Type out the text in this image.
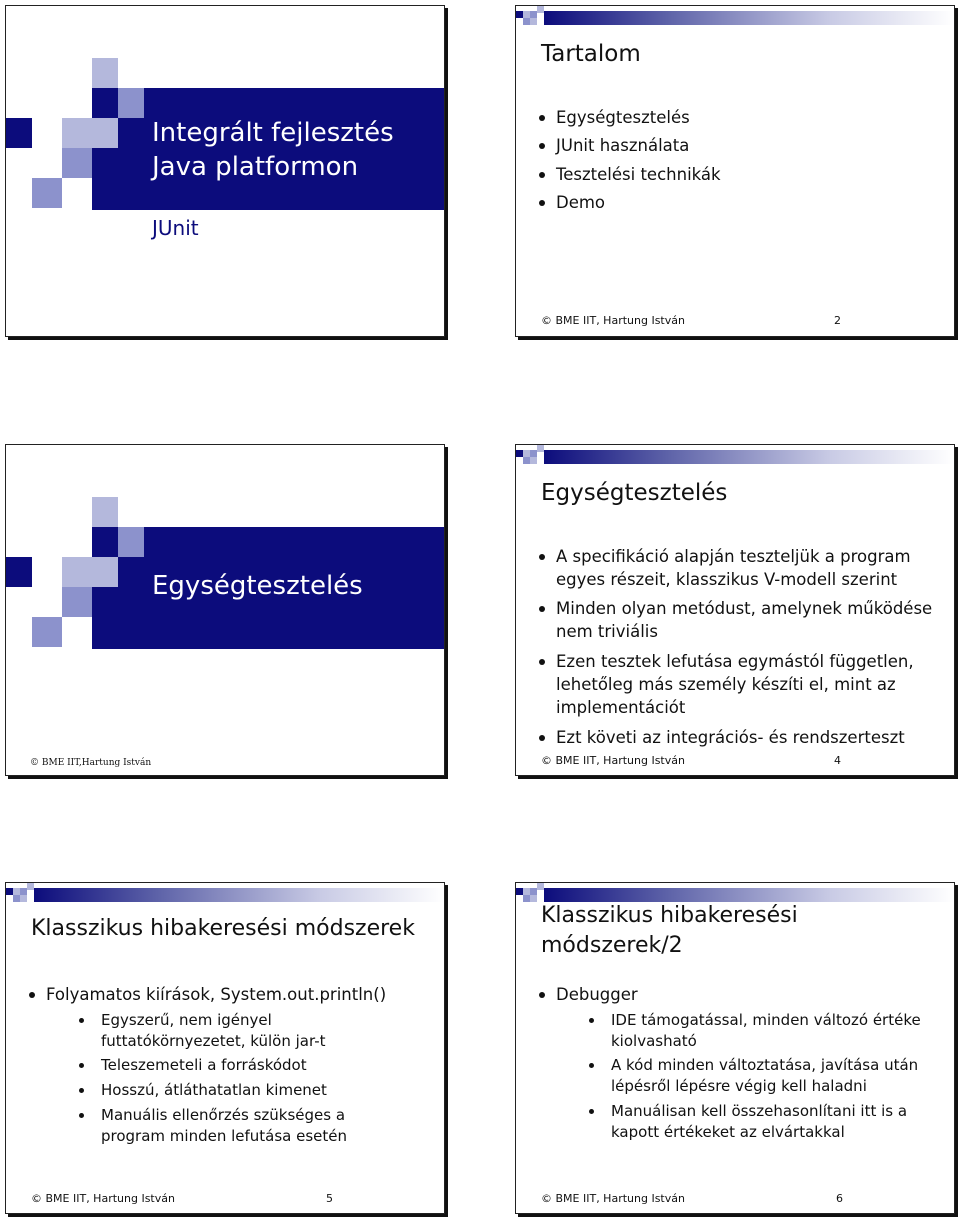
Integrált fejlesztés
Java platformon
JUnit
Tartalom
Egységtesztelés
JUnit használata
Tesztelési technikák
Demo
© BME IIT, Hartung István	2
Egységtesztelés
© BME IIT,Hartung István
Egységtesztelés
A specifikáció alapján teszteljük a program egyes részeit, klasszikus V-modell szerint
Minden olyan metódust, amelynek működése nem triviális
Ezen tesztek lefutása egymástól független, lehetőleg más személy készíti el, mint az implementációt
Ezt követi az integrációs- és rendszerteszt
© BME IIT, Hartung István	4
Klasszikus hibakeresési módszerek
Folyamatos kiírások, System.out.println()
Egyszerű, nem igényel futtatókörnyezetet, külön jar-t
Teleszemeteli a forráskódot
Hosszú, átláthatatlan kimenet
Manuális ellenőrzés szükséges a program minden lefutása esetén
© BME IIT, Hartung István	5
Klasszikus hibakeresési
módszerek/2
Debugger
IDE támogatással, minden változó értéke kiolvasható
A kód minden változtatása, javítása után lépésről lépésre végig kell haladni
Manuálisan kell összehasonlítani itt is a kapott értékeket az elvártakkal
© BME IIT, Hartung István	6
